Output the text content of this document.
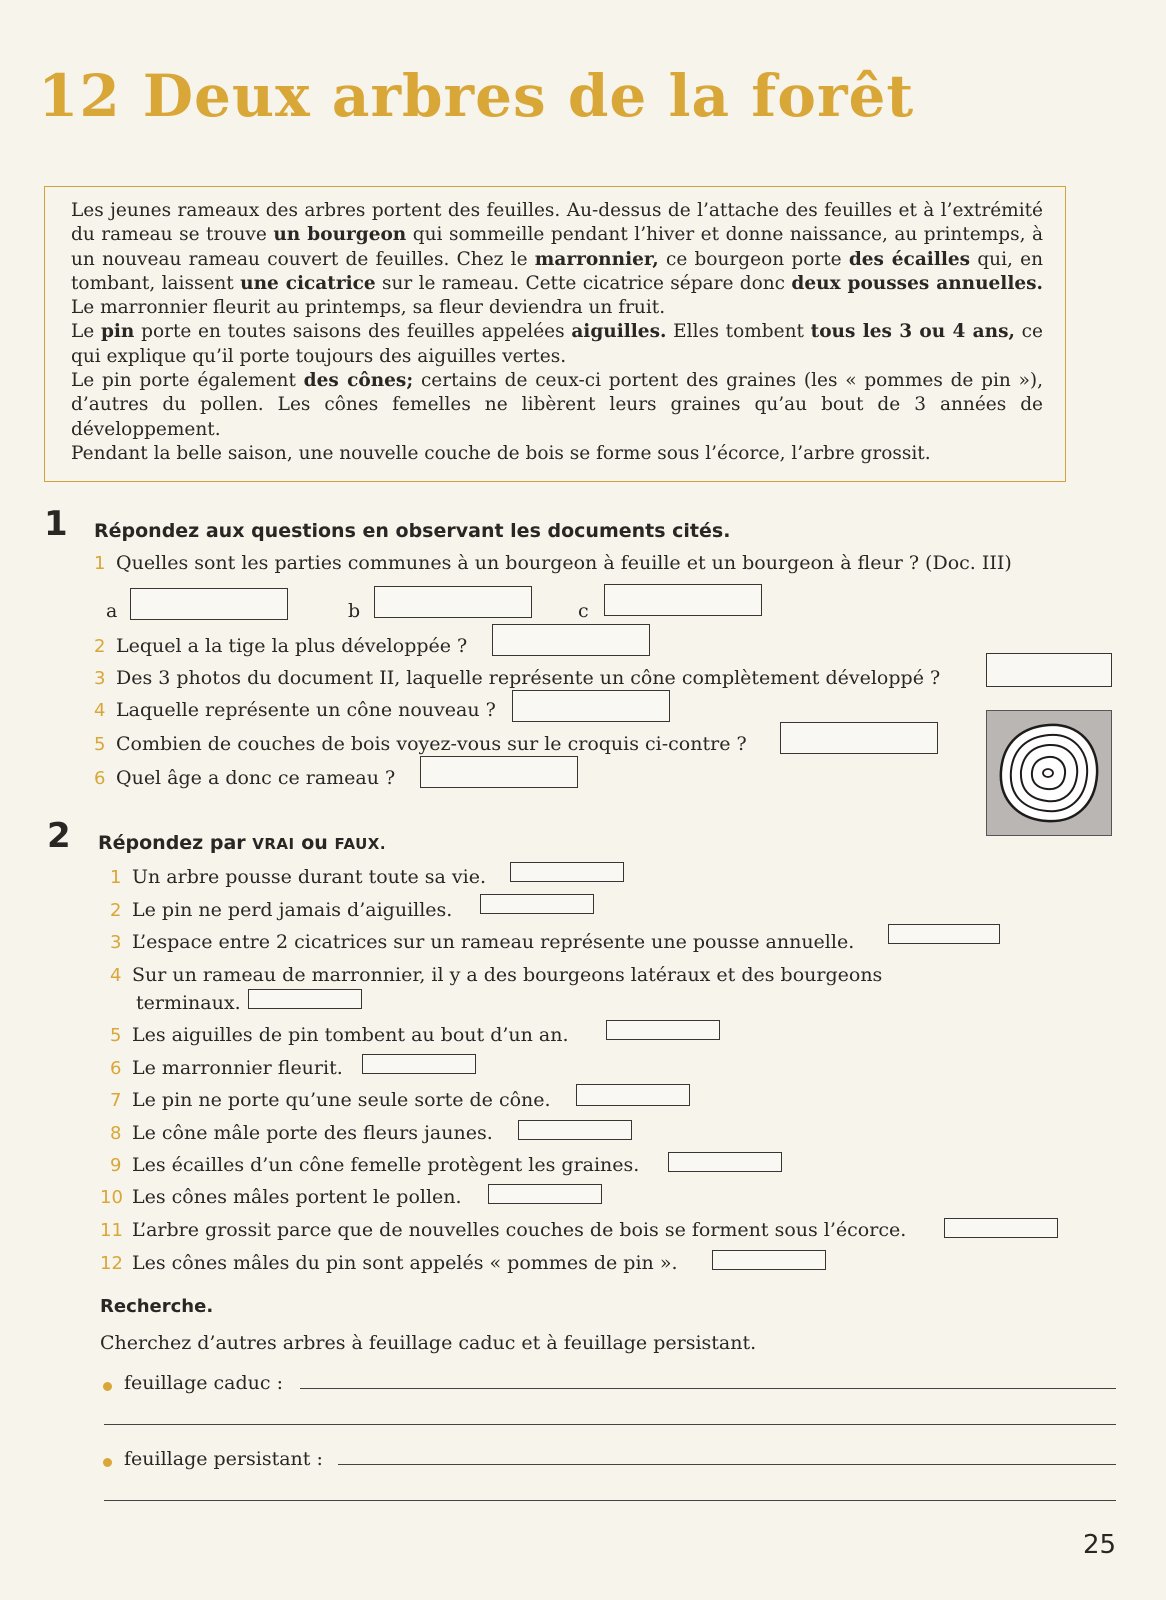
12 Deux arbres de la forêt

Les jeunes rameaux des arbres portent des feuilles. Au-dessus de l’attache des feuilles et à l’extrémité du rameau se trouve un bourgeon qui sommeille pendant l’hiver et donne naissance, au printemps, à un nouveau rameau couvert de feuilles. Chez le marronnier, ce bourgeon porte des écailles qui, en tombant, laissent une cicatrice sur le rameau. Cette cicatrice sépare donc deux pousses annuelles. Le marronnier fleurit au printemps, sa fleur deviendra un fruit.

Le pin porte en toutes saisons des feuilles appelées aiguilles. Elles tombent tous les 3 ou 4 ans, ce qui explique qu’il porte toujours des aiguilles vertes.

Le pin porte également des cônes; certains de ceux-ci portent des graines (les « pommes de pin »), d’autres du pollen. Les cônes femelles ne libèrent leurs graines qu’au bout de 3 années de développement.

Pendant la belle saison, une nouvelle couche de bois se forme sous l’écorce, l’arbre grossit.

1 Répondez aux questions en observant les documents cités.
1 Quelles sont les parties communes à un bourgeon à feuille et un bourgeon à fleur ? (Doc. III)
a	b	c
2 Lequel a la tige la plus développée ?
3 Des 3 photos du document II, laquelle représente un cône complètement développé ?
4 Laquelle représente un cône nouveau ?
5 Combien de couches de bois voyez-vous sur le croquis ci-contre ?
6 Quel âge a donc ce rameau ?
2 Répondez par VRAI ou FAUX.
1 Un arbre pousse durant toute sa vie.
2 Le pin ne perd jamais d’aiguilles.
3 L’espace entre 2 cicatrices sur un rameau représente une pousse annuelle.
4 Sur un rameau de marronnier, il y a des bourgeons latéraux et des bourgeons
terminaux.
5 Les aiguilles de pin tombent au bout d’un an.
6 Le marronnier fleurit.
7 Le pin ne porte qu’une seule sorte de cône.
8 Le cône mâle porte des fleurs jaunes.
9 Les écailles d’un cône femelle protègent les graines.
10 Les cônes mâles portent le pollen.
11 L’arbre grossit parce que de nouvelles couches de bois se forment sous l’écorce.
12 Les cônes mâles du pin sont appelés « pommes de pin ».
Recherche.
Cherchez d’autres arbres à feuillage caduc et à feuillage persistant.
feuillage caduc :
feuillage persistant :
25
